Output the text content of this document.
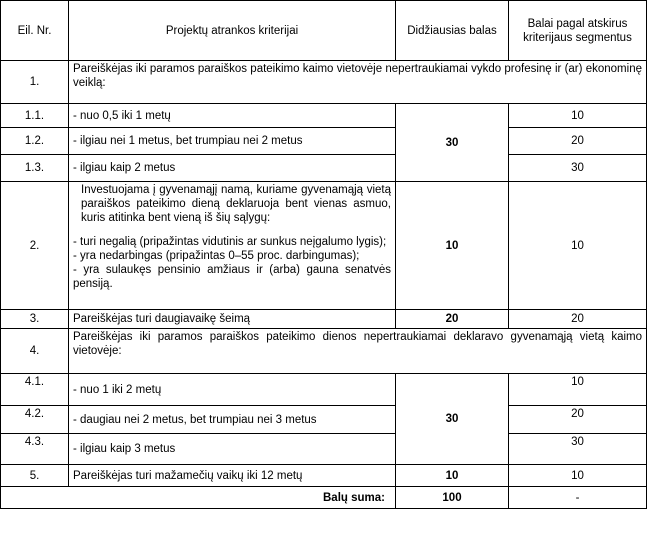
Eil. Nr.	Projektų atrankos kriterijai	Didžiausias balas	Balai pagal atskirus kriterijaus segmentus
1.	Pareiškėjas iki paramos paraiškos pateikimo kaimo vietovėje nepertraukiamai vykdo profesinę ir (ar) ekonominę veiklą:		
1.1.	- nuo 0,5 iki 1 metų	30	10
1.2.	- ilgiau nei 1 metus, bet trumpiau nei 2 metus		20
1.3.	- ilgiau kaip 2 metus		30
2.	Investuojama į gyvenamąjį namą, kuriame gyvenamąją vietą paraiškos pateikimo dieną deklaruoja bent vienas asmuo, kuris atitinka bent vieną iš šių sąlygų:
- turi negalią (pripažintas vidutinis ar sunkus neįgalumo lygis);
- yra nedarbingas (pripažintas 0–55 proc. darbingumas);
- yra sulaukęs pensinio amžiaus ir (arba) gauna senatvės pensiją.	10	10
3.	Pareiškėjas turi daugiavaikę šeimą	20	20
4.	Pareiškėjas iki paramos paraiškos pateikimo dienos nepertraukiamai deklaravo gyvenamąją vietą kaimo vietovėje:		
4.1.	- nuo 1 iki 2 metų	30	10
4.2.	- daugiau nei 2 metus, bet trumpiau nei 3 metus		20
4.3.	- ilgiau kaip 3 metus		30
5.	Pareiškėjas turi mažamečių vaikų iki 12 metų	10	10
Balų suma:		100	-
